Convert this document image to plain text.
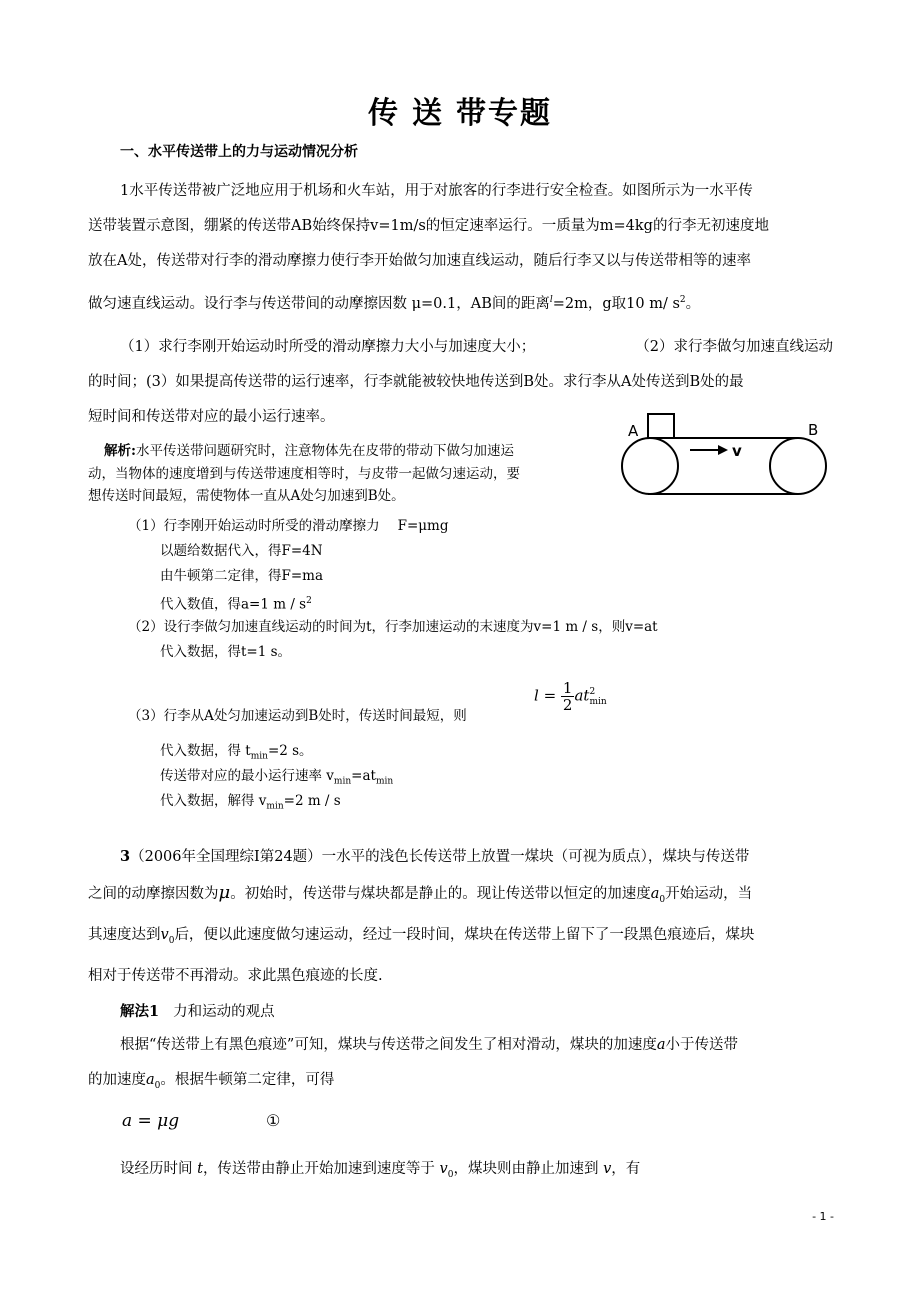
传送带专题
一、水平传送带上的力与运动情况分析
1水平传送带被广泛地应用于机场和火车站，用于对旅客的行李进行安全检查。如图所示为一水平传
送带装置示意图，绷紧的传送带AB始终保持v=1m/s的恒定速率运行。一质量为m=4kg的行李无初速度地
放在A处，传送带对行李的滑动摩擦力使行李开始做匀加速直线运动，随后行李又以与传送带相等的速率
做匀速直线运动。设行李与传送带间的动摩擦因数 μ=0.1，AB间的距离$^l$=2m，g取10 m/ $s^2$。
（1）求行李刚开始运动时所受的滑动摩擦力大小与加速度大小；	（2）求行李做匀加速直线运动
的时间；(3）如果提高传送带的运行速率，行李就能被较快地传送到B处。求行李从A处传送到B处的最
短时间和传送带对应的最小运行速率。
A	B
v
解析:水平传送带问题研究时，注意物体先在皮带的带动下做匀加速运
动，当物体的速度增到与传送带速度相等时，与皮带一起做匀速运动，要
想传送时间最短，需使物体一直从A处匀加速到B处。
（1）行李刚开始运动时所受的滑动摩擦力 F=μmg
以题给数据代入，得F=4N
由牛顿第二定律，得F=ma
代入数值，得a=1 m / $s^2$
（2）设行李做匀加速直线运动的时间为t，行李加速运动的末速度为v=1 m / s，则v=at
代入数据，得t=1 s。
（3）行李从A处匀加速运动到B处时，传送时间最短，则
$l = \frac{1}{2}$ at 2
min
代入数据，得 $t_{min}=2$ s。
传送带对应的最小运行速率 $v_{min}=at_{min}$
代入数据，解得 $v_{min}=2$ m / s
3（2006年全国理综Ⅰ第24题）一水平的浅色长传送带上放置一煤块（可视为质点），煤块与传送带
之间的动摩擦因数为μ。初始时，传送带与煤块都是静止的。现让传送带以恒定的加速度$a_0$开始运动，当
其速度达到$v_0$后，便以此速度做匀速运动，经过一段时间，煤块在传送带上留下了一段黑色痕迹后，煤块
相对于传送带不再滑动。求此黑色痕迹的长度.
解法1 力和运动的观点
根据“传送带上有黑色痕迹”可知，煤块与传送带之间发生了相对滑动，煤块的加速度a小于传送带
的加速度$a_0$。根据牛顿第二定律，可得
a = μg	①
设经历时间 t，传送带由静止开始加速到速度等于 $v_0$，煤块则由静止加速到 v，有
- 1 -
